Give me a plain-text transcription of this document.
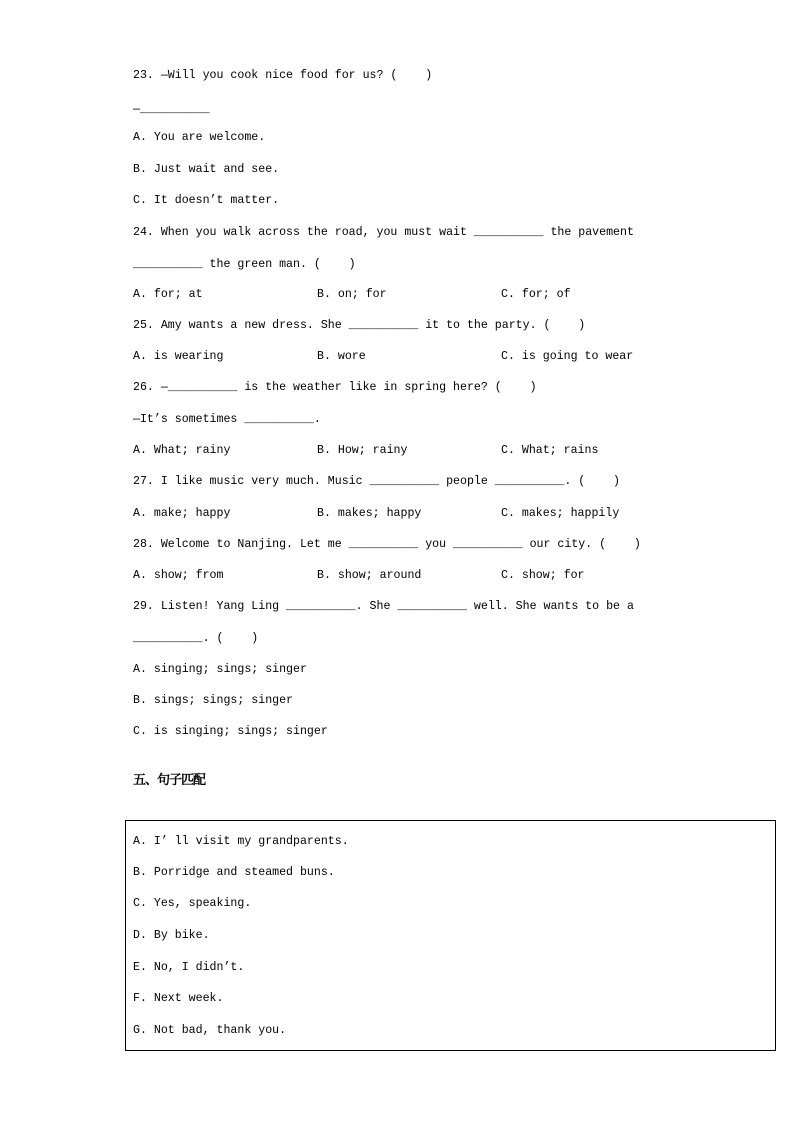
23. —Will you cook nice food for us? (    )
—__________
A. You are welcome.
B. Just wait and see.
C. It doesn’t matter.
24. When you walk across the road, you must wait __________ the pavement
__________ the green man. (    )
A. for; at	B. on; for	C. for; of
25. Amy wants a new dress. She __________ it to the party. (    )
A. is wearing	B. wore	C. is going to wear
26. —__________ is the weather like in spring here? (    )
—It’s sometimes __________.
A. What; rainy	B. How; rainy	C. What; rains
27. I like music very much. Music __________ people __________. (    )
A. make; happy	B. makes; happy	C. makes; happily
28. Welcome to Nanjing. Let me __________ you __________ our city. (    )
A. show; from	B. show; around	C. show; for
29. Listen! Yang Ling __________. She __________ well. She wants to be a
__________. (    )
A. singing; sings; singer
B. sings; sings; singer
C. is singing; sings; singer
五、句子匹配
A. I’ ll visit my grandparents.
B. Porridge and steamed buns.
C. Yes, speaking.
D. By bike.
E. No, I didn’t.
F. Next week.
G. Not bad, thank you.
